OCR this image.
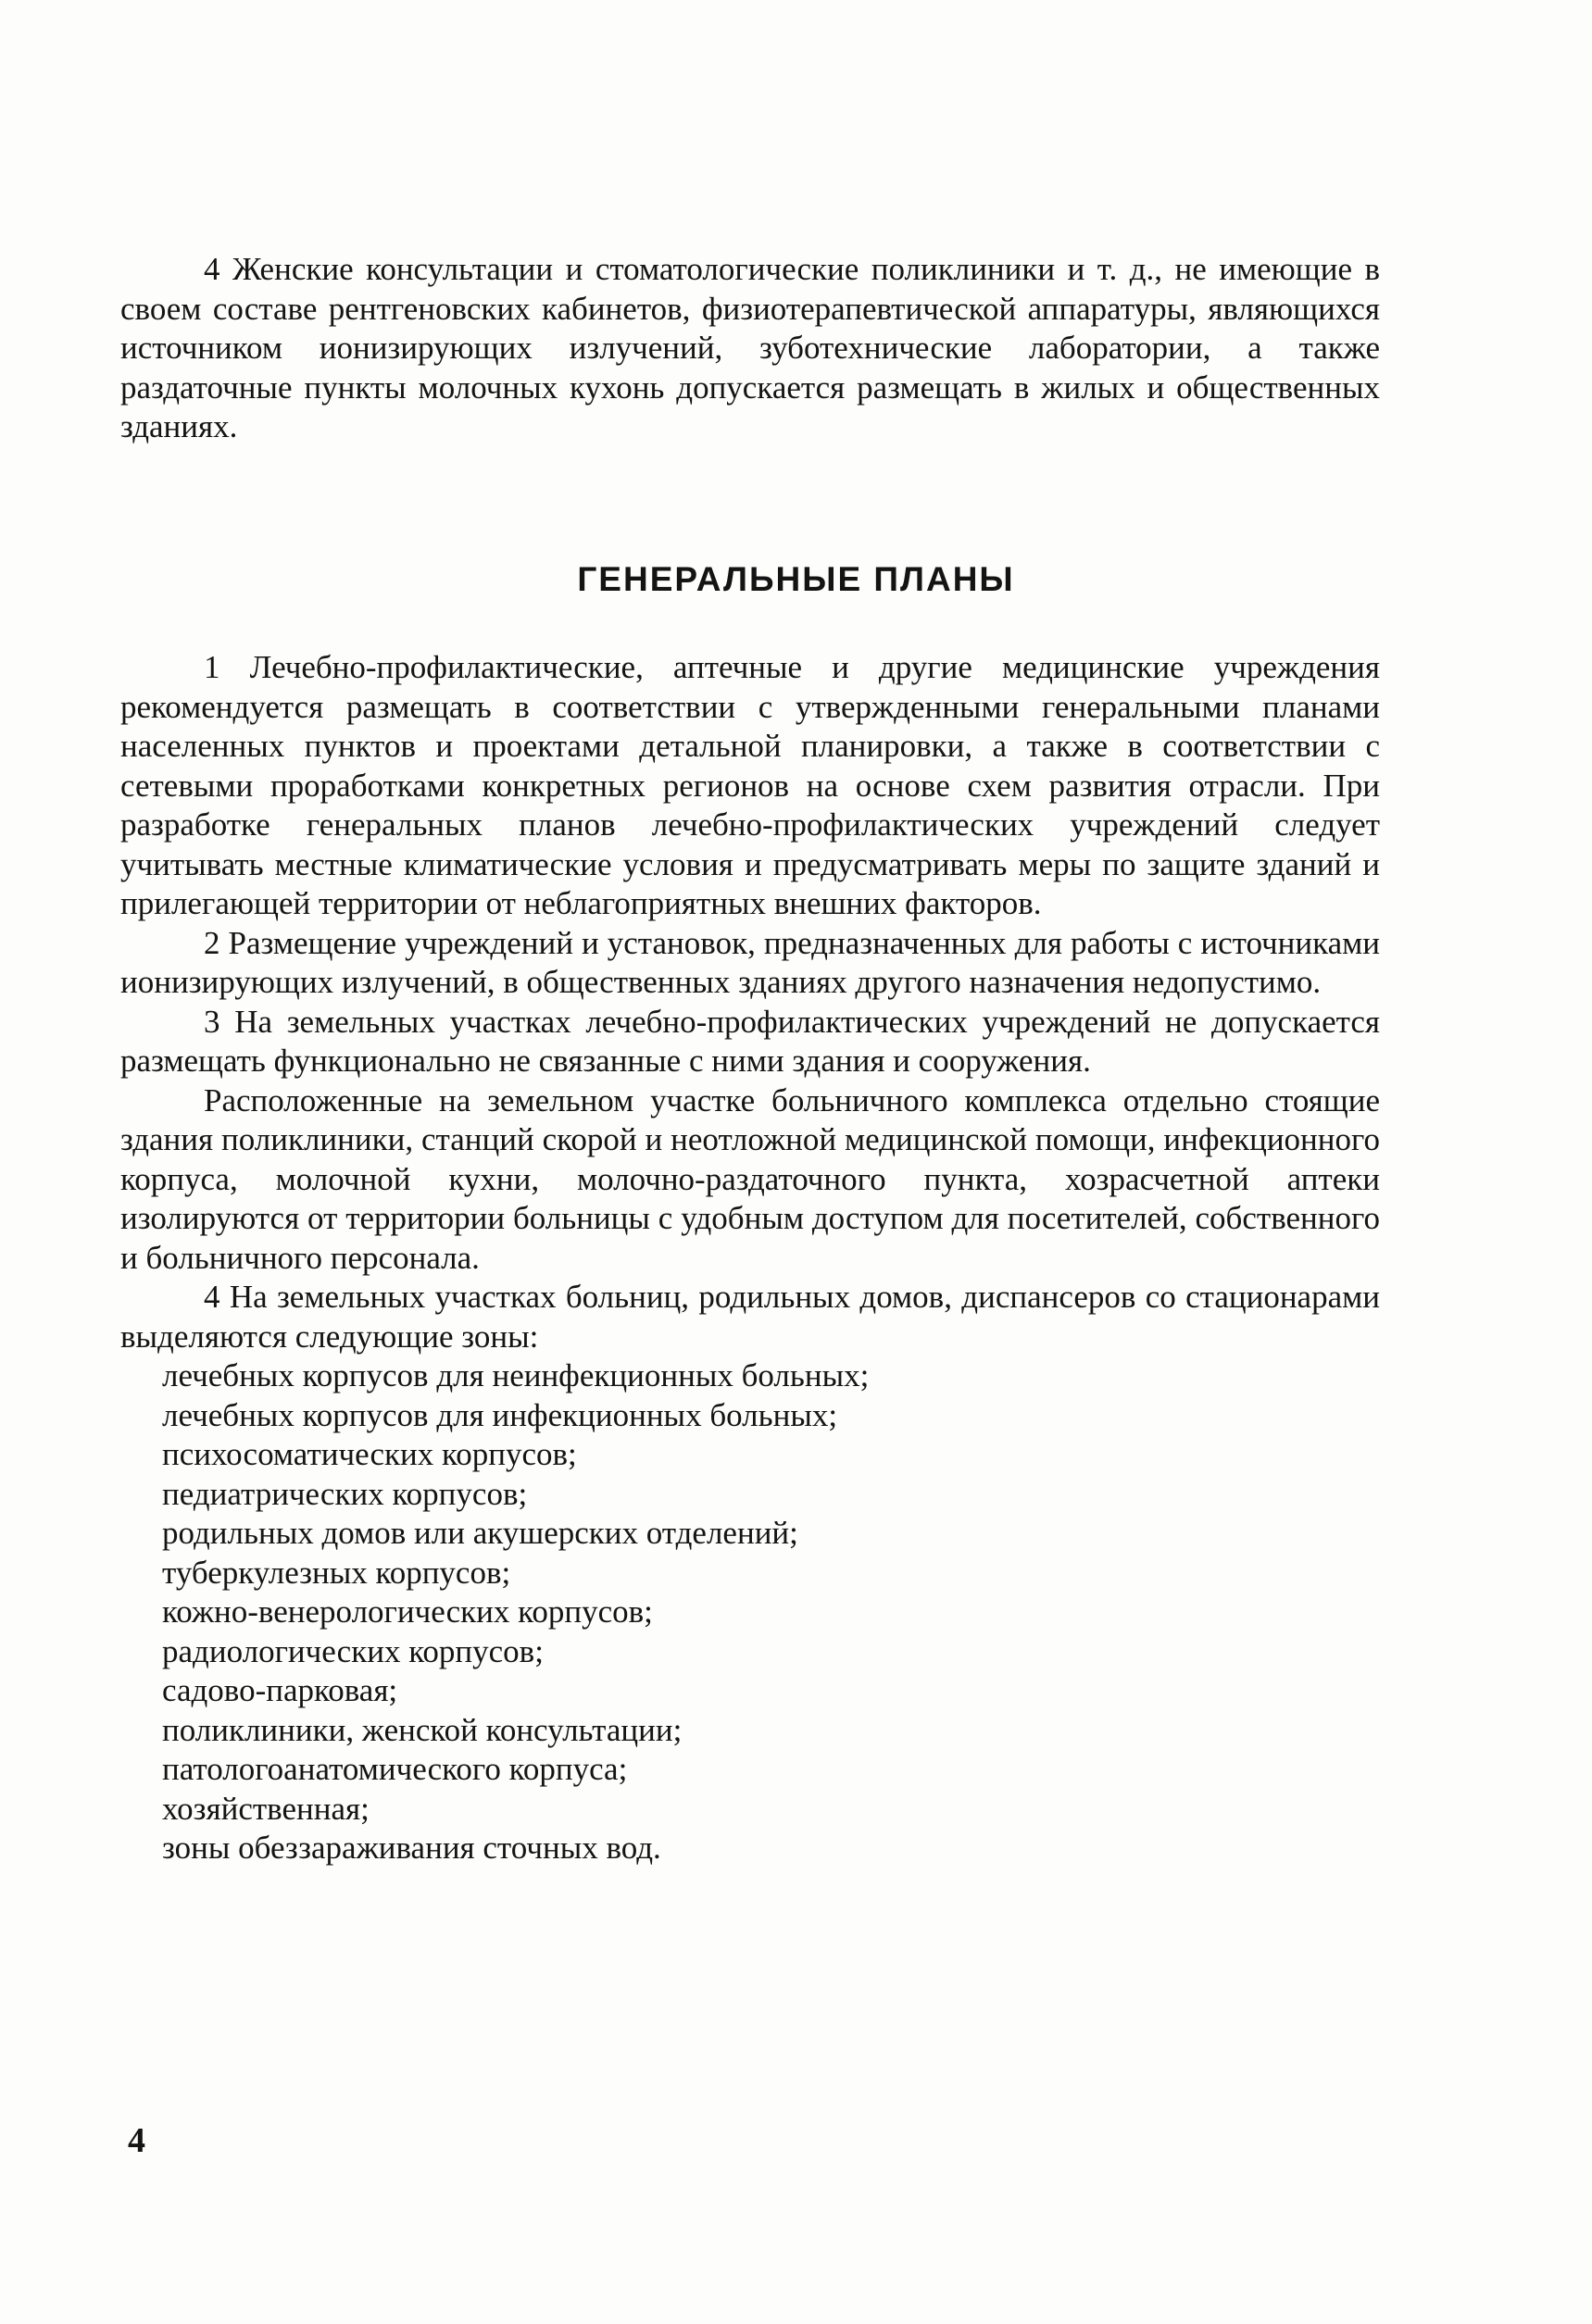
4 Женские консультации и стоматологические поликлиники и т. д., не имеющие в своем составе рентгеновских кабинетов, физиотерапевтической аппаратуры, являющихся источником ионизирующих излучений, зуботехнические лаборатории, а также раздаточные пункты молочных кухонь допускается размещать в жилых и общественных зданиях.

ГЕНЕРАЛЬНЫЕ ПЛАНЫ

1 Лечебно-профилактические, аптечные и другие медицинские учреждения рекомендуется размещать в соответствии с утвержденными генеральными планами населенных пунктов и проектами детальной планировки, а также в соответствии с сетевыми проработками конкретных регионов на основе схем развития отрасли. При разработке генеральных планов лечебно-профилактических учреждений следует учитывать местные климатические условия и предусматривать меры по защите зданий и прилегающей территории от неблагоприятных внешних факторов.

2 Размещение учреждений и установок, предназначенных для работы с источниками ионизирующих излучений, в общественных зданиях другого назначения недопустимо.

3 На земельных участках лечебно-профилактических учреждений не допускается размещать функционально не связанные с ними здания и сооружения.

Расположенные на земельном участке больничного комплекса отдельно стоящие здания поликлиники, станций скорой и неотложной медицинской помощи, инфекционного корпуса, молочной кухни, молочно-раздаточного пункта, хозрасчетной аптеки изолируются от территории больницы с удобным доступом для посетителей, собственного и больничного персонала.

4 На земельных участках больниц, родильных домов, диспансеров со стационарами выделяются следующие зоны:

лечебных корпусов для неинфекционных больных;
лечебных корпусов для инфекционных больных;
психосоматических корпусов;
педиатрических корпусов;
родильных домов или акушерских отделений;
туберкулезных корпусов;
кожно-венерологических корпусов;
радиологических корпусов;
садово-парковая;
поликлиники, женской консультации;
патологоанатомического корпуса;
хозяйственная;
зоны обеззараживания сточных вод.

4
